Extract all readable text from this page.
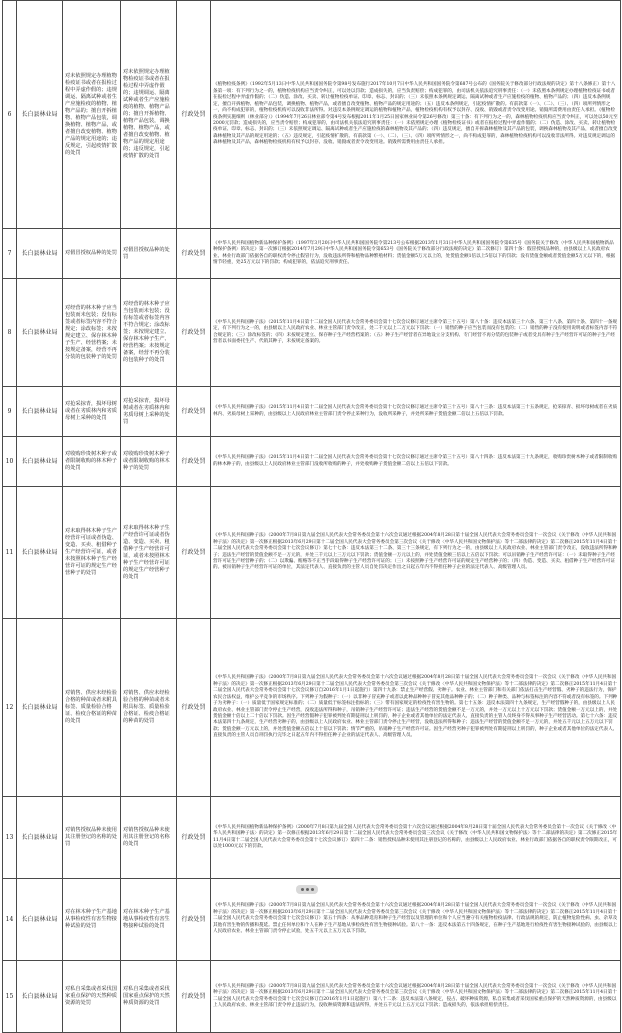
6	长白县林业局	对未依照规定办理植物检疫证书或者在报检过程中弄虚作假的；违规调运、隔离试种或者生产应施检疫的植物、植物产品的；擅自开拆植物、植物产品包装，调换植物、植物产品，或者擅自改变植物、植物产品的规定用途的；违反规定，引起疫情扩散的处罚	对未依照规定办理植物检疫证书或者在报检过程中弄虚作假的；违规调运、隔离试种或者生产应施检疫的植物、植物产品的；擅自开拆植物、植物产品包装，调换植物、植物产品，或者擅自改变植物、植物产品的规定用途的；违反规定，引起疫情扩散的处罚	行政处罚	《植物检疫条例》（1992年5月13日中华人民共和国国务院令第98号发布施行2017年10月7日中华人民共和国国务院令第687号公布的《国务院关于修改部分行政法规的决定》第十八条修正）第十八条第一项：有下列行为之一的，植物检疫机构应当责令纠正，可以处以罚款；造成损失的，应当负责赔偿；构成犯罪的，由司法机关依法追究刑事责任：（一）未依照本条例规定办理植物检疫证书或者在报检过程中弄虚作假的；（二）伪造、涂改、买卖、转让植物检疫单证、印章、标志、封识的；（三）未依照本条例规定调运、隔离试种或者生产应施检疫的植物、植物产品的；（四）违反本条例规定，擅自开拆植物、植物产品包装，调换植物、植物产品，或者擅自改变植物、植物产品的规定用途的；（五）违反本条例规定，引起疫情扩散的。有前款第（一）、（二）、（三）、（四）项所列情形之一，尚不构成犯罪的，植物检疫机构可以没收非法所得。对违反本条例规定调运的植物和植物产品，植物检疫机构有权予以封存、没收、销毁或者责令改变用途。销毁所需费用由责任人承担。《植物检疫条例实施细则（林业部分）》（1994年7月26日林业部令第4号发布根据2011年1月25日国家林业局令第26号修改）第三十条：有下列行为之一的，森林植物检疫机构应当责令纠正，可以处以50元至2000元罚款；造成损失的，应当责令赔偿；构成犯罪的，由司法机关依法追究刑事责任：（一）未依照规定办理《植物检疫证书》或者在报检过程中弄虚作假的；（二）伪造、涂改、买卖、转让植物检疫单证、印章、标志、封识的；（三）未依照规定调运、隔离试种或者生产应施检疫的森林植物及其产品的；（四）违反规定，擅自开拆森林植物及其产品的包装，调换森林植物及其产品，或者擅自改变森林植物及其产品的规定用途的；（五）违反规定，引起疫情扩散的。有前款第（一）、（二）、（三）、（四）项所列情形之一，尚不构成犯罪的，森林植物检疫机构可以没收非法所得。对违反规定调运的森林植物及其产品，森林植物检疫机构有权予以封存、没收、销毁或者责令改变用途。销毁所需费用由责任人承担。
7	长白县林业局	对假冒授权品种的处罚	对假冒授权品种的处罚	行政处罚	《中华人民共和国植物新品种保护条例》（1997年3月20日中华人民共和国国务院令第213号公布根据2013年1月31日中华人民共和国国务院令第635号《国务院关于修改〈中华人民共和国植物新品种保护条例〉的决定》第一次修订根据2014年7月29日中华人民共和国国务院令第653号《国务院关于修改部分行政法规的决定》第二次修订）第四十条：假冒授权品种的，由县级以上人民政府农业、林业行政部门依据各自的职权责令停止假冒行为，没收违法所得和植物品种繁殖材料；货值金额5万元以上的，处货值金额1倍以上5倍以下的罚款；没有货值金额或者货值金额5万元以下的，根据情节轻重，处25万元以下的罚款；构成犯罪的，依法追究刑事责任。
8	长白县林业局	对经营的林木种子应当包装而未包装；没有标签或者标签内容不符合规定；涂改标签；未按规定建立、保存林木种子生产、经营档案；未按规定备案，经营不再分装的包装种子的处罚	对经营的林木种子应当包装而未包装；没有标签或者标签内容不符合规定；涂改标签；未按规定建立、保存林木种子生产、经营档案；未按规定备案，经营不再分装的包装种子的处罚	行政处罚	《中华人民共和国种子法》（2015年11月4日第十二届全国人民代表大会常务委员会第十七次会议修订通过主席令第三十五号）第八十条：违反本法第三十六条、第三十八条、第四十条、第四十一条规定，有下列行为之一的，由县级以上人民政府农业、林业主管部门责令改正，处二千元以上二万元以下罚款：（一）销售的种子应当包装而没有包装的；（二）销售的种子没有使用说明或者标签内容不符合规定的；（三）涂改标签的；（四）未按规定建立、保存种子生产经营档案的；（五）种子生产经营者在异地设立分支机构、专门经营不再分装的包装种子或者受具有种子生产经营许可证的种子生产经营者以书面委托生产、代销其种子，未按规定备案的。
9	长白县林业局	对抢采掠青，损坏母树或者在劣质林内和劣质母树上采种的处罚	对抢采掠青，损坏母树或者在劣质林内和劣质母树上采种的处罚	行政处罚	《中华人民共和国种子法》（2015年11月4日第十二届全国人民代表大会常务委员会第十七次会议修订通过主席令第三十五号）第八十三条：违反本法第三十五条规定，抢采掠青、损坏母树或者在劣质林内、劣质母树上采种的，由县级以上人民政府林业主管部门责令停止采种行为，没收所采种子，并处所采种子货值金额二倍以上五倍以下罚款。
10	长白县林业局	对收购珍贵树木种子或者限制收购的林木种子的处罚	对收购珍贵树木种子或者限制收购的林木种子的处罚	行政处罚	《中华人民共和国种子法》（2015年11月4日第十二届全国人民代表大会常务委员会第十七次会议修订通过主席令第三十五号）第八十四条：违反本法第三十九条规定，收购珍贵树木种子或者限制收购的林木种子的，由县级以上人民政府林业主管部门没收所收购的种子，并处收购种子货值金额二倍以上五倍以下罚款。
11	长白县林业局	对未取得林木种子生产经营许可证或者伪造、变造、买卖、租借种子生产经营许可证，或者未按照林木种子生产经营许可证的规定生产经营种子的处罚	对未取得林木种子生产经营许可证或者伪造、变造、买卖、租借种子生产经营许可证，或者未按照林木种子生产经营许可证的规定生产经营种子的处罚	行政处罚	《中华人民共和国种子法》（2000年7月8日第九届全国人民代表大会常务委员会第十六次会议通过根据2004年8月28日第十届全国人民代表大会常务委员会第十一次会议《关于修改〈中华人民共和国种子法〉的决定》第一次修正根据2013年6月29日第十二届全国人民代表大会常务委员会第三次会议《关于修改〈中华人民共和国文物保护法〉等十二部法律的决定》第二次修正2015年11月4日第十二届全国人民代表大会常务委员会第十七次会议修订）第七十七条：违反本法第三十二条、第三十三条规定，有下列行为之一的，由县级以上人民政府农业、林业主管部门责令改正，没收违法所得和种子；违法生产经营的货值金额不足一万元的，并处三千元以上三万元以下罚款；货值金额一万元以上的，并处货值金额三倍以上五倍以下罚款；可以吊销种子生产经营许可证：（一）未取得种子生产经营许可证生产经营种子的；（二）以欺骗、贿赂等不正当手段取得种子生产经营许可证的；（三）未按照种子生产经营许可证的规定生产经营种子的；（四）伪造、变造、买卖、租借种子生产经营许可证的。被吊销种子生产经营许可证的单位，其法定代表人、直接负责的主管人员自处罚决定作出之日起五年内不得担任种子企业的法定代表人、高级管理人员。
12	长白县林业局	对销售、供应未经检验合格的种苗或者未附具标签、质量检验合格证、检疫合格证的种苗的处罚	对销售、供应未经检验合格的种苗或者未附具标签、质量检验合格证、检疫合格证的种苗的处罚	行政处罚	《中华人民共和国种子法》（2000年7月8日第九届全国人民代表大会常务委员会第十六次会议通过根据2004年8月28日第十届全国人民代表大会常务委员会第十一次会议《关于修改〈中华人民共和国种子法〉的决定》第一次修正根据2013年6月29日第十二届全国人民代表大会常务委员会第三次会议《关于修改〈中华人民共和国文物保护法〉等十二部法律的决定》第二次修正2015年11月4日第十二届全国人民代表大会常务委员会第十七次会议修订自2016年1月1日起施行）第四十九条：禁止生产经营假、劣种子。农业、林业主管部门和有关部门依法打击生产经营假、劣种子的违法行为，保护农民合法权益，维护公平竞争的市场秩序。下列种子为假种子：（一）以非种子冒充种子或者以此种品种种子冒充其他品种种子的；（二）种子种类、品种与标签标注的内容不符或者没有标签的。下列种子为劣种子：（一）质量低于国家规定标准的；（二）质量低于标签标注指标的；（三）带有国家规定的检疫性有害生物的。第七十五条：违反本法第四十九条规定，生产经营假种子的，由县级以上人民政府农业、林业主管部门责令停止生产经营，没收违法所得和种子，吊销种子生产经营许可证；违法生产经营的货值金额不足一万元的，并处一万元以上十万元以下罚款；货值金额一万元以上的，并处货值金额十倍以上二十倍以下罚款。因生产经营假种子犯罪被判处有期徒刑以上刑罚的，种子企业或者其他单位的法定代表人、直接负责的主管人员终身不得从事种子生产经营活动。第七十六条：违反本法第四十九条规定，生产经营劣种子的，由县级以上人民政府农业、林业主管部门责令停止生产经营，没收违法所得和种子；违法生产经营的货值金额不足一万元的，并处五千元以上五万元以下罚款；货值金额一万元以上的，并处货值金额五倍以上十倍以下罚款；情节严重的，吊销种子生产经营许可证。因生产经营劣种子犯罪被判处有期徒刑以上刑罚的，种子企业或者其他单位的法定代表人、直接负责的主管人员自刑罚执行完毕之日起五年内不得担任种子企业的法定代表人、高级管理人员。
13	长白县林业局	对销售授权品种未使用其注册登记的名称的处罚	对销售授权品种未使用其注册登记的名称的处罚	行政处罚	《中华人民共和国植物新品种保护条例》（2000年7月8日第九届全国人民代表大会常务委员会第十六次会议通过根据2004年8月28日第十届全国人民代表大会常务委员会第十一次会议《关于修改〈中华人民共和国种子法〉的决定》第一次修正根据2013年6月29日第十二届全国人民代表大会常务委员会第三次会议《关于修改〈中华人民共和国文物保护法〉等十二部法律的决定》第二次修正2015年11月4日第十二届全国人民代表大会常务委员会第十七次会议修订）第四十二条：销售授权品种未使用其注册登记的名称的，由县级以上人民政府农业、林业行政部门依据各自的职权责令限期改正，可以处1000元以下的罚款。
14	长白县林业局	对在林木种子生产基地从事检疫性有害生物接种试验的处罚	对在林木种子生产基地从事检疫性有害生物接种试验的处罚	行政处罚	《中华人民共和国种子法》（2000年7月8日第九届全国人民代表大会常务委员会第十六次会议通过根据2004年8月28日第十届全国人民代表大会常务委员会第十一次会议《关于修改〈中华人民共和国种子法〉的决定》第一次修正根据2013年6月29日第十二届全国人民代表大会常务委员会第三次会议《关于修改〈中华人民共和国文物保护法〉等十二部法律的决定》第二次修正2015年11月4日第十二届全国人民代表大会常务委员会第十七次会议修订）第五十四条：从事品种选育和种子生产经营以及管理的单位和个人应当遵守有关植物检疫法律、行政法规的规定，防止植物危险性病、虫、杂草及其他有害生物的传播和蔓延。禁止任何单位和个人在种子生产基地从事检疫性有害生物接种试验。第八十一条：违反本法第五十四条规定，在种子生产基地进行检疫性有害生物接种试验的，由县级以上人民政府农业、林业主管部门责令停止试验，处五千元以上五万元以下罚款。
15	长白县林业局	对私自采集或者采伐国家重点保护的天然种质资源的处罚	对私自采集或者采伐国家重点保护的天然种质资源的处罚	行政处罚	《中华人民共和国种子法》（2000年7月8日第九届全国人民代表大会常务委员会第十六次会议通过根据2004年8月28日第十届全国人民代表大会常务委员会第十一次会议《关于修改〈中华人民共和国种子法〉的决定》第一次修正根据2013年6月29日第十二届全国人民代表大会常务委员会第三次会议《关于修改〈中华人民共和国文物保护法〉等十二部法律的决定》第二次修正2015年11月4日第十二届全国人民代表大会常务委员会第十七次会议修订自2016年1月1日起施行）第八十二条：违反本法第八条规定，侵占、破坏种质资源，私自采集或者采伐国家重点保护的天然种质资源的，由县级以上人民政府农业、林业主管部门责令停止违法行为，没收种质资源和违法所得，并处五千元以上五万元以下罚款；造成损失的，依法承担赔偿责任。
